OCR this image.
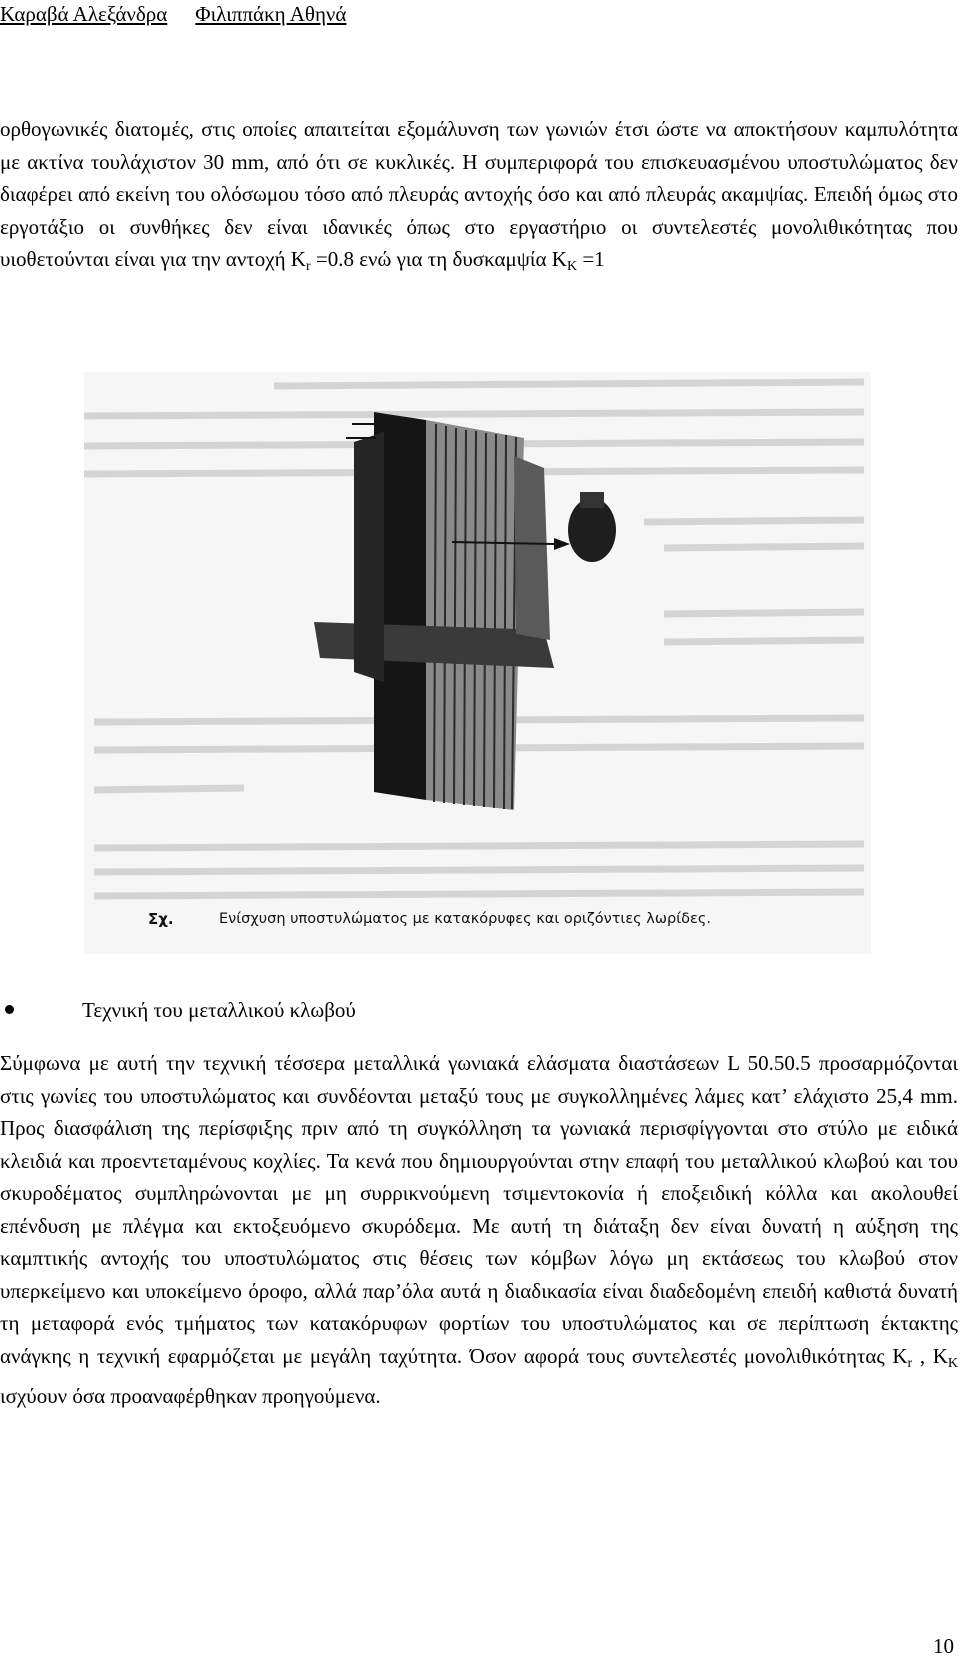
Καραβά Αλεξάνδρα Φιλιππάκη Αθηνά

ορθογωνικές διατομές, στις οποίες απαιτείται εξομάλυνση των γωνιών έτσι ώστε να αποκτήσουν καμπυλότητα με ακτίνα τουλάχιστον 30 mm, από ότι σε κυκλικές. Η συμπεριφορά του επισκευασμένου υποστυλώματος δεν διαφέρει από εκείνη του ολόσωμου τόσο από πλευράς αντοχής όσο και από πλευράς ακαμψίας. Επειδή όμως στο εργοτάξιο οι συνθήκες δεν είναι ιδανικές όπως στο εργαστήριο οι συντελεστές μονολιθικότητας που υιοθετούνται είναι για την αντοχή $K_r =0.8$ ενώ για τη δυσκαμψία $K_K =1$

Σχ.	Ενίσχυση υποστυλώματος με κατακόρυφες και οριζόντιες λωρίδες.
Τεχνική του μεταλλικού κλωβού

Σύμφωνα με αυτή την τεχνική τέσσερα μεταλλικά γωνιακά ελάσματα διαστάσεων L 50.50.5 προσαρμόζονται στις γωνίες του υποστυλώματος και συνδέονται μεταξύ τους με συγκολλημένες λάμες κατ’ ελάχιστο 25,4 mm. Προς διασφάλιση της περίσφιξης πριν από τη συγκόλληση τα γωνιακά περισφίγγονται στο στύλο με ειδικά κλειδιά και προεντεταμένους κοχλίες. Τα κενά που δημιουργούνται στην επαφή του μεταλλικού κλωβού και του σκυροδέματος συμπληρώνονται με μη συρρικνούμενη τσιμεντοκονία ή εποξειδική κόλλα και ακολουθεί επένδυση με πλέγμα και εκτοξευόμενο σκυρόδεμα. Με αυτή τη διάταξη δεν είναι δυνατή η αύξηση της καμπτικής αντοχής του υποστυλώματος στις θέσεις των κόμβων λόγω μη εκτάσεως του κλωβού στον υπερκείμενο και υποκείμενο όροφο, αλλά παρ’όλα αυτά η διαδικασία είναι διαδεδομένη επειδή καθιστά δυνατή τη μεταφορά ενός τμήματος των κατακόρυφων φορτίων του υποστυλώματος και σε περίπτωση έκτακτης ανάγκης η τεχνική εφαρμόζεται με μεγάλη ταχύτητα. Όσον αφορά τους συντελεστές μονολιθικότητας $K_r$ , $K_K$ ισχύουν όσα προαναφέρθηκαν προηγούμενα.

10
